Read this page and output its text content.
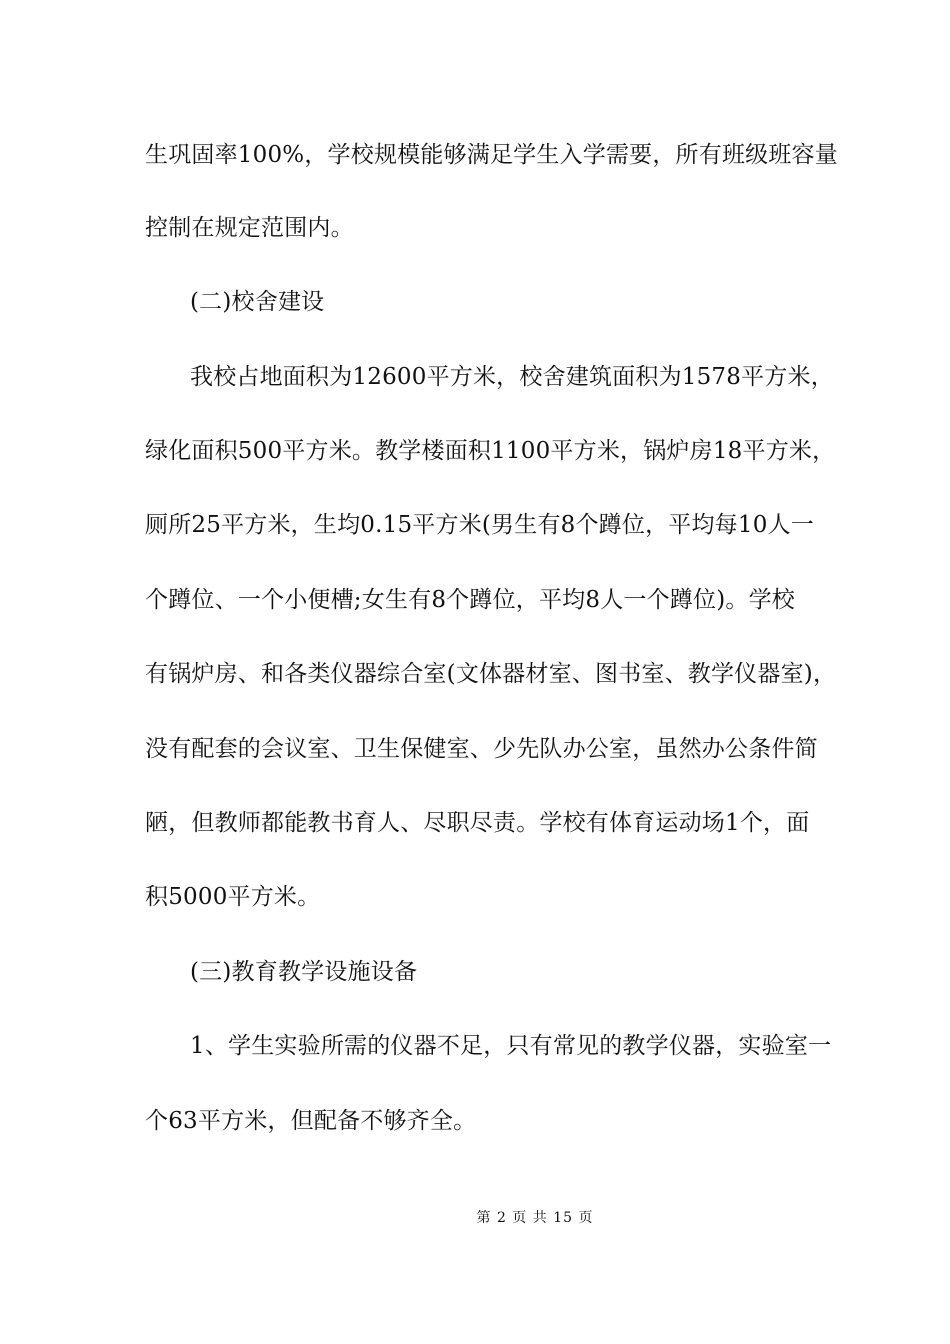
生巩固率100%，学校规模能够满足学生入学需要，所有班级班容量
控制在规定范围内。
(二)校舍建设
我校占地面积为12600平方米，校舍建筑面积为1578平方米，
绿化面积500平方米。教学楼面积1100平方米，锅炉房18平方米，
厕所25平方米，生均0.15平方米(男生有8个蹲位，平均每10人一
个蹲位、一个小便槽;女生有8个蹲位，平均8人一个蹲位)。学校
有锅炉房、和各类仪器综合室(文体器材室、图书室、教学仪器室)，
没有配套的会议室、卫生保健室、少先队办公室，虽然办公条件简
陋，但教师都能教书育人、尽职尽责。学校有体育运动场1个，面
积5000平方米。
(三)教育教学设施设备
1、学生实验所需的仪器不足，只有常见的教学仪器，实验室一
个63平方米，但配备不够齐全。
第 2 页 共 15 页
